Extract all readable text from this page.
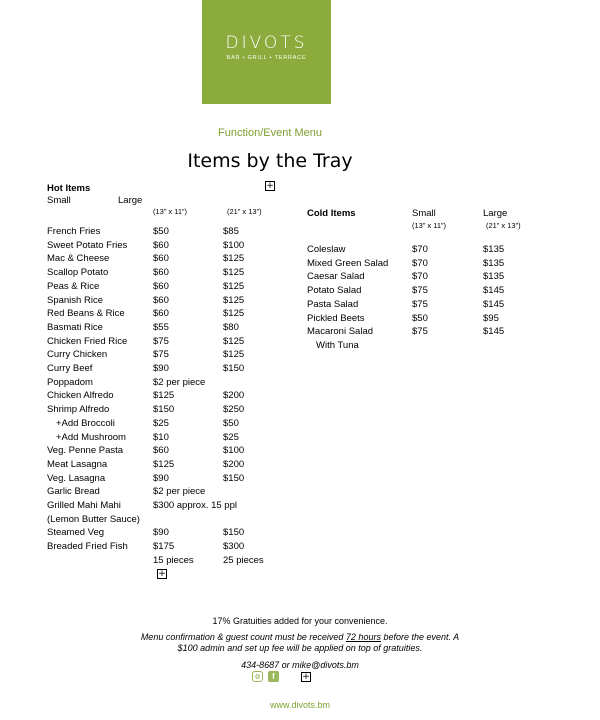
DIVOTS
BAR • GRILL • TERRACE
Function/Event Menu
Items by the Tray
+
Hot Items
Small	Large
(13” x 11”)	(21” x 13”)
French Fries	$50	$85
Sweet Potato Fries	$60	$100
Mac & Cheese	$60	$125
Scallop Potato	$60	$125
Peas & Rice	$60	$125
Spanish Rice	$60	$125
Red Beans & Rice	$60	$125
Basmati Rice	$55	$80
Chicken Fried Rice	$75	$125
Curry Chicken	$75	$125
Curry Beef	$90	$150
Poppadom	$2 per piece
Chicken Alfredo	$125	$200
Shrimp Alfredo	$150	$250
+Add Broccoli	$25	$50
+Add Mushroom	$10	$25
Veg. Penne Pasta	$60	$100
Meat Lasagna	$125	$200
Veg. Lasagna	$90	$150
Garlic Bread	$2 per piece
Grilled Mahi Mahi	$300 approx. 15 ppl
(Lemon Butter Sauce)
Steamed Veg	$90	$150
Breaded Fried Fish	$175	$300
15 pieces	25 pieces
+
Cold Items	Small	Large
(13” x 11”)	(21” x 13”)
Coleslaw	$70	$135
Mixed Green Salad $70	$135
Caesar Salad	$70	$135
Potato Salad	$75	$145
Pasta Salad	$75	$145
Pickled Beets	$50	$95
Macaroni Salad	$75	$145
With Tuna
17% Gratuities added for your convenience.
Menu confirmation & guest count must be received 72 hours before the event. A
$100 admin and set up fee will be applied on top of gratuities.
434-8687 or mike@divots.bm
f	+
www.divots.bm
